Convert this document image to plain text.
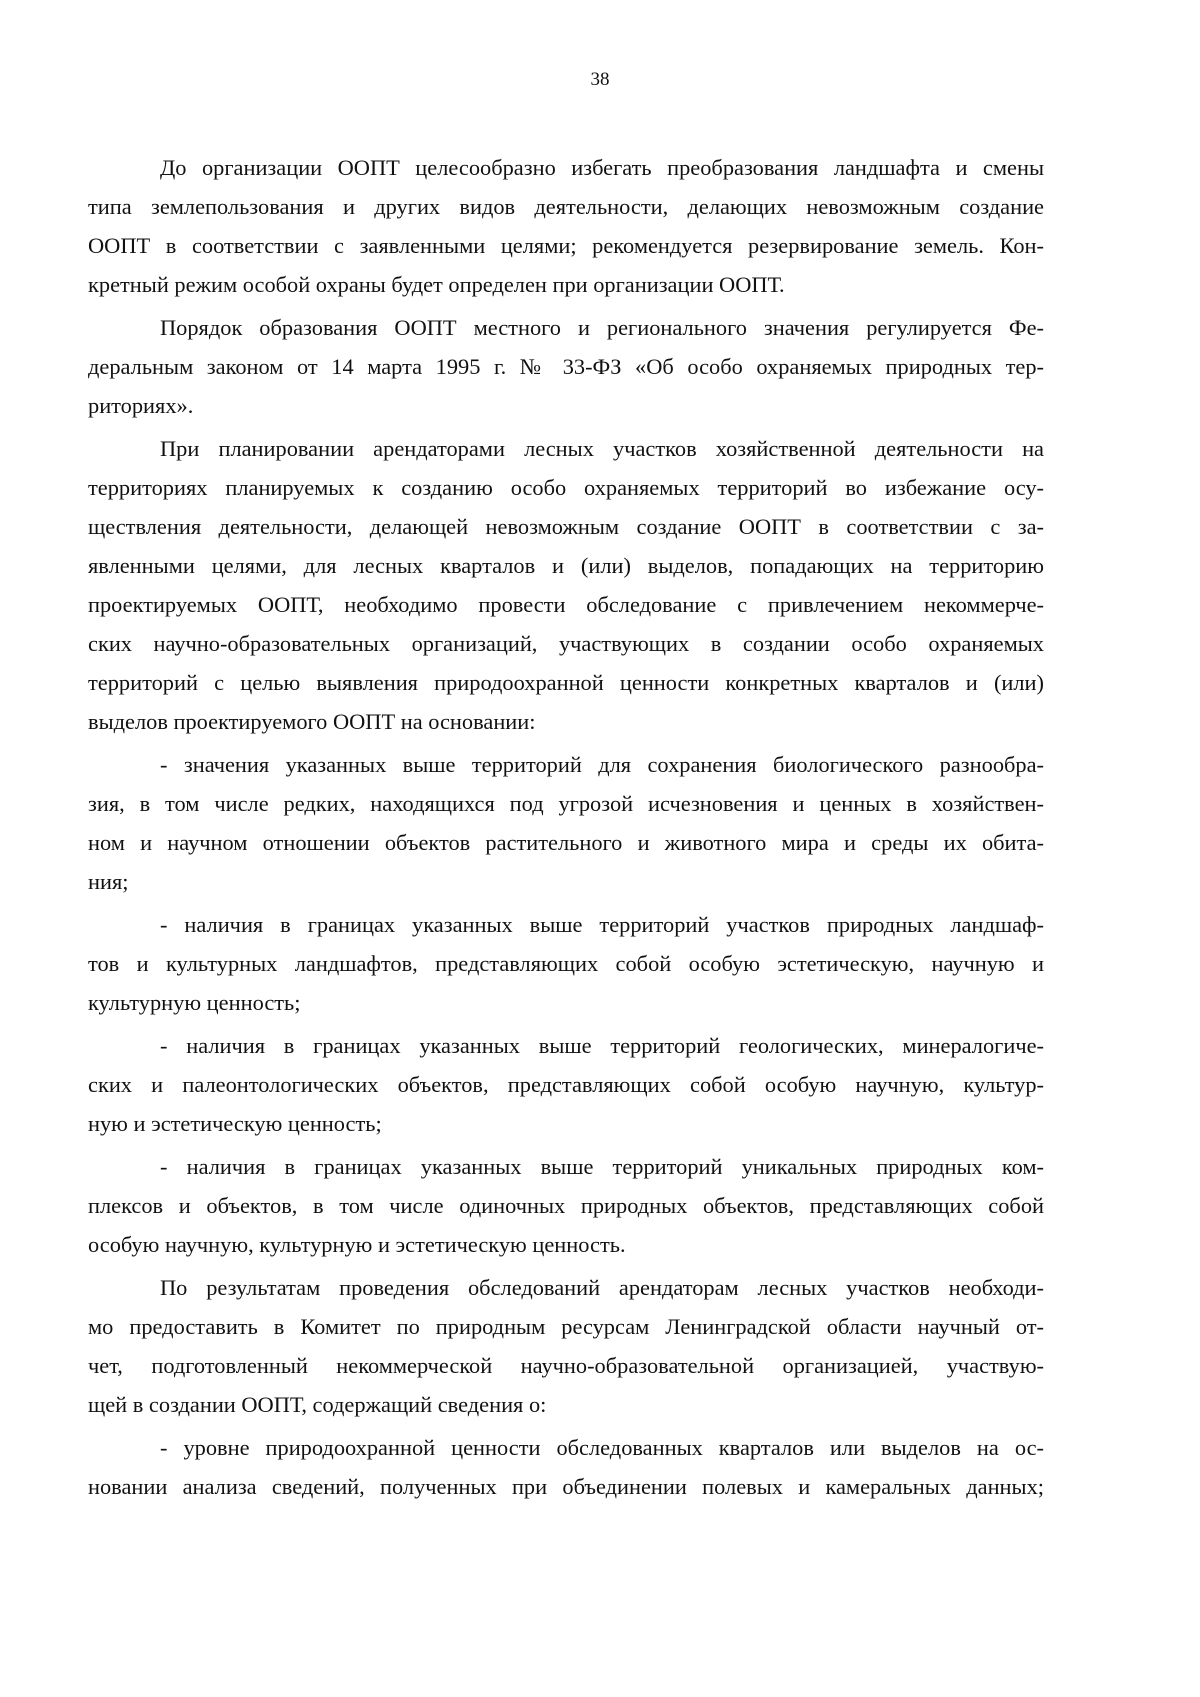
38

До организации ООПТ целесообразно избегать преобразования ландшафта и смены
типа землепользования и других видов деятельности, делающих невозможным создание
ООПТ в соответствии с заявленными целями; рекомендуется резервирование земель. Кон-
кретный режим особой охраны будет определен при организации ООПТ.

Порядок образования ООПТ местного и регионального значения регулируется Фе-
деральным законом от 14 марта 1995 г. № 33-ФЗ «Об особо охраняемых природных тер-
риториях».

При планировании арендаторами лесных участков хозяйственной деятельности на
территориях планируемых к созданию особо охраняемых территорий во избежание осу-
ществления деятельности, делающей невозможным создание ООПТ в соответствии с за-
явленными целями, для лесных кварталов и (или) выделов, попадающих на территорию
проектируемых ООПТ, необходимо провести обследование с привлечением некоммерче-
ских научно-образовательных организаций, участвующих в создании особо охраняемых
территорий с целью выявления природоохранной ценности конкретных кварталов и (или)
выделов проектируемого ООПТ на основании:

- значения указанных выше территорий для сохранения биологического разнообра-
зия, в том числе редких, находящихся под угрозой исчезновения и ценных в хозяйствен-
ном и научном отношении объектов растительного и животного мира и среды их обита-
ния;

- наличия в границах указанных выше территорий участков природных ландшаф-
тов и культурных ландшафтов, представляющих собой особую эстетическую, научную и
культурную ценность;

- наличия в границах указанных выше территорий геологических, минералогиче-
ских и палеонтологических объектов, представляющих собой особую научную, культур-
ную и эстетическую ценность;

- наличия в границах указанных выше территорий уникальных природных ком-
плексов и объектов, в том числе одиночных природных объектов, представляющих собой
особую научную, культурную и эстетическую ценность.

По результатам проведения обследований арендаторам лесных участков необходи-
мо предоставить в Комитет по природным ресурсам Ленинградской области научный от-
чет, подготовленный некоммерческой научно-образовательной организацией, участвую-
щей в создании ООПТ, содержащий сведения о:

- уровне природоохранной ценности обследованных кварталов или выделов на ос-
новании анализа сведений, полученных при объединении полевых и камеральных данных;
